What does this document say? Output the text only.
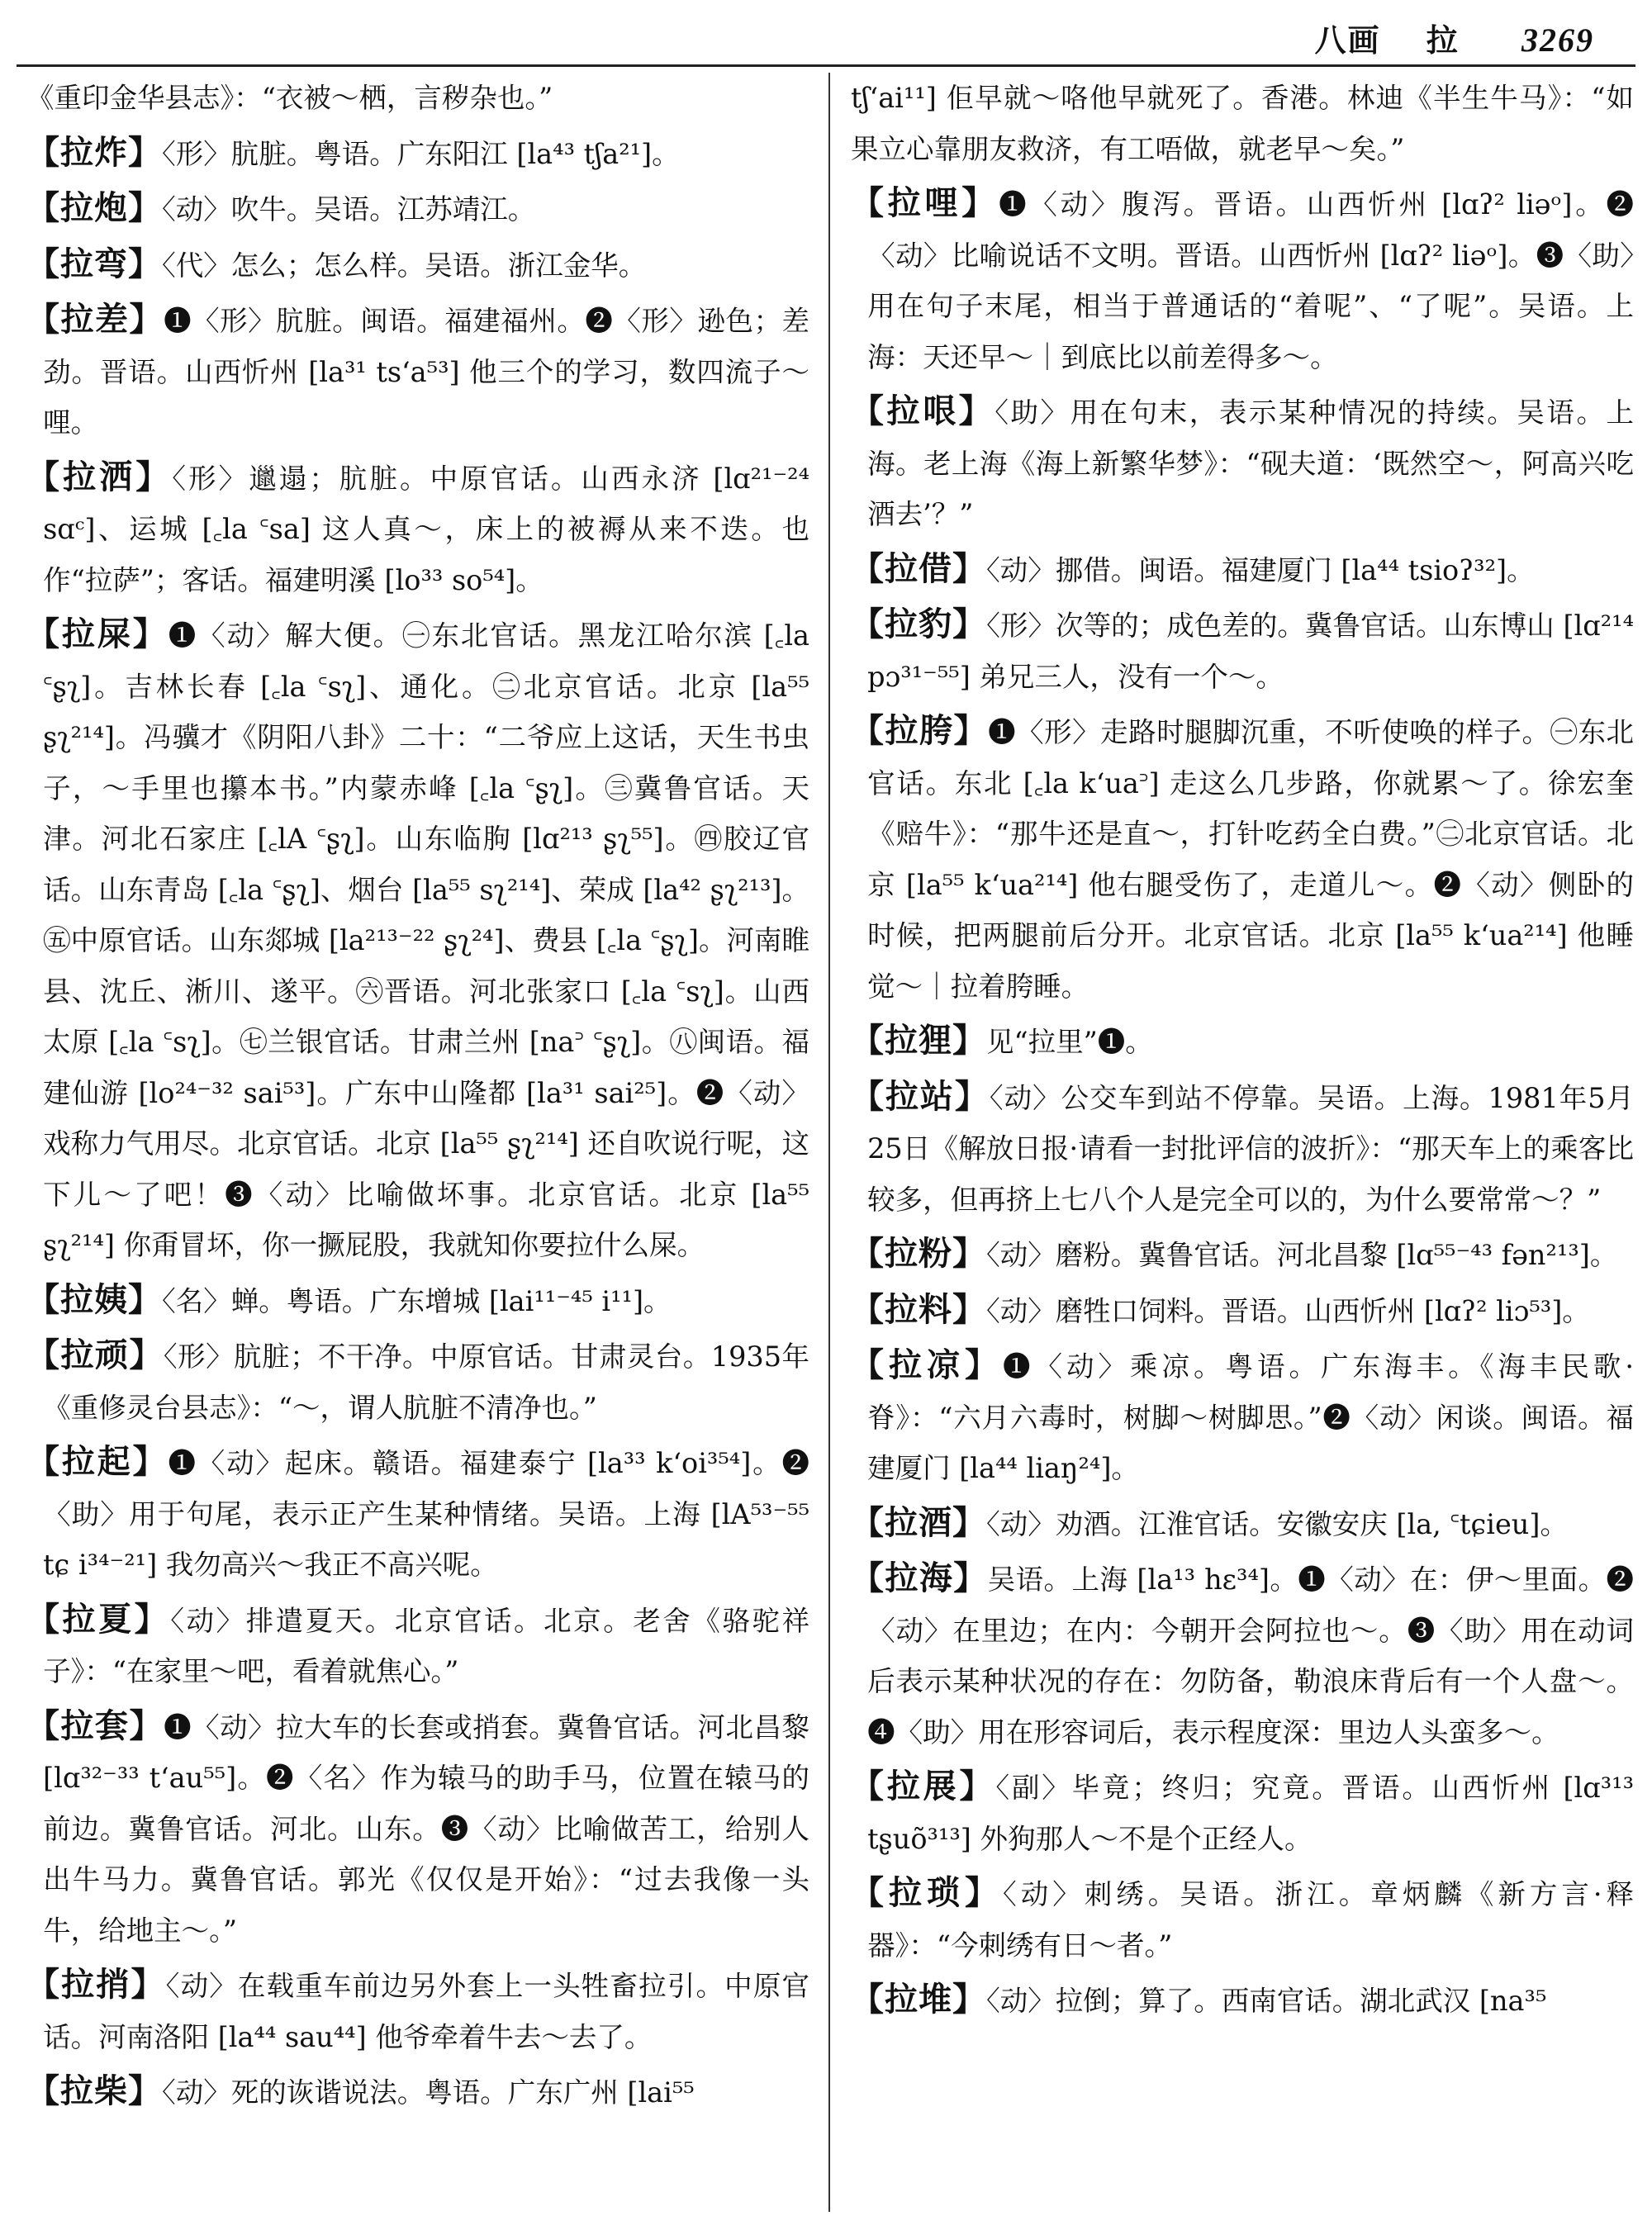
八画 拉 3269

《重印金华县志》：“衣被～栖，言秽杂也。”

【拉炸】〈形〉肮脏。粤语。广东阳江 [la⁴³ tʃa²¹]。

【拉炮】〈动〉吹牛。吴语。江苏靖江。

【拉弯】〈代〉怎么；怎么样。吴语。浙江金华。

【拉差】❶〈形〉肮脏。闽语。福建福州。❷〈形〉逊色；差劲。晋语。山西忻州 [la³¹ ts‘a⁵³] 他三个的学习，数四流子～哩。

【拉洒】〈形〉邋遢；肮脏。中原官话。山西永济 [lɑ²¹⁻²⁴ sɑᶜ]、运城 [꜀la ꜂sa] 这人真～，床上的被褥从来不迭。也作“拉萨”；客话。福建明溪 [lo³³ so⁵⁴]。

【拉屎】❶〈动〉解大便。㊀东北官话。黑龙江哈尔滨 [꜀la ꜂ʂʅ]。吉林长春 [꜀la ꜂sʅ]、通化。㊁北京官话。北京 [la⁵⁵ ʂʅ²¹⁴]。冯骥才《阴阳八卦》二十：“二爷应上这话，天生书虫子，～手里也攥本书。”内蒙赤峰 [꜀la ꜂ʂʅ]。㊂冀鲁官话。天津。河北石家庄 [꜀lA ꜂ʂʅ]。山东临朐 [lɑ²¹³ ʂʅ⁵⁵]。㊃胶辽官话。山东青岛 [꜀la ꜂ʂʅ]、烟台 [la⁵⁵ sʅ²¹⁴]、荣成 [la⁴² ʂʅ²¹³]。㊄中原官话。山东郯城 [la²¹³⁻²² ʂʅ²⁴]、费县 [꜀la ꜂ʂʅ]。河南睢县、沈丘、淅川、遂平。㊅晋语。河北张家口 [꜀la ꜂sʅ]。山西太原 [꜀la ꜂sʅ]。㊆兰银官话。甘肃兰州 [na꜄ ꜂ʂʅ]。㊇闽语。福建仙游 [lo²⁴⁻³² sai⁵³]。广东中山隆都 [la³¹ sai²⁵]。❷〈动〉戏称力气用尽。北京官话。北京 [la⁵⁵ ʂʅ²¹⁴] 还自吹说行呢，这下儿～了吧！❸〈动〉比喻做坏事。北京官话。北京 [la⁵⁵ ʂʅ²¹⁴] 你甭冒坏，你一撅屁股，我就知你要拉什么屎。

【拉姨】〈名〉蝉。粤语。广东增城 [lai¹¹⁻⁴⁵ i¹¹]。

【拉顽】〈形〉肮脏；不干净。中原官话。甘肃灵台。1935年《重修灵台县志》：“～，谓人肮脏不清净也。”

【拉起】❶〈动〉起床。赣语。福建泰宁 [la³³ k‘oi³⁵⁴]。❷〈助〉用于句尾，表示正产生某种情绪。吴语。上海 [lA⁵³⁻⁵⁵ tɕ i³⁴⁻²¹] 我勿高兴～我正不高兴呢。

【拉夏】〈动〉排遣夏天。北京官话。北京。老舍《骆驼祥子》：“在家里～吧，看着就焦心。”

【拉套】❶〈动〉拉大车的长套或捎套。冀鲁官话。河北昌黎 [lɑ³²⁻³³ t‘au⁵⁵]。❷〈名〉作为辕马的助手马，位置在辕马的前边。冀鲁官话。河北。山东。❸〈动〉比喻做苦工，给别人出牛马力。冀鲁官话。郭光《仅仅是开始》：“过去我像一头牛，给地主～。”

【拉捎】〈动〉在载重车前边另外套上一头牲畜拉引。中原官话。河南洛阳 [la⁴⁴ sau⁴⁴] 他爷牵着牛去～去了。

【拉柴】〈动〉死的诙谐说法。粤语。广东广州 [lai⁵⁵

tʃ‘ai¹¹] 佢早就～咯他早就死了。香港。林迪《半生牛马》：“如果立心靠朋友救济，有工唔做，就老早～矣。”

【拉哩】❶〈动〉腹泻。晋语。山西忻州 [lɑʔ² liəᵒ]。❷〈动〉比喻说话不文明。晋语。山西忻州 [lɑʔ² liəᵒ]。❸〈助〉用在句子末尾，相当于普通话的“着呢”、“了呢”。吴语。上海：天还早～｜到底比以前差得多～。

【拉哏】〈助〉用在句末，表示某种情况的持续。吴语。上海。老上海《海上新繁华梦》：“砚夫道：‘既然空～，阿高兴吃酒去’？”

【拉借】〈动〉挪借。闽语。福建厦门 [la⁴⁴ tsioʔ³²]。

【拉豹】〈形〉次等的；成色差的。冀鲁官话。山东博山 [lɑ²¹⁴ pɔ³¹⁻⁵⁵] 弟兄三人，没有一个～。

【拉胯】❶〈形〉走路时腿脚沉重，不听使唤的样子。㊀东北官话。东北 [꜀la k‘ua꜄] 走这么几步路，你就累～了。徐宏奎《赔牛》：“那牛还是直～，打针吃药全白费。”㊁北京官话。北京 [la⁵⁵ k‘ua²¹⁴] 他右腿受伤了，走道儿～。❷〈动〉侧卧的时候，把两腿前后分开。北京官话。北京 [la⁵⁵ k‘ua²¹⁴] 他睡觉～｜拉着胯睡。

【拉狸】见“拉里”❶。

【拉站】〈动〉公交车到站不停靠。吴语。上海。1981年5月25日《解放日报·请看一封批评信的波折》：“那天车上的乘客比较多，但再挤上七八个人是完全可以的，为什么要常常～？”

【拉粉】〈动〉磨粉。冀鲁官话。河北昌黎 [lɑ⁵⁵⁻⁴³ fən²¹³]。

【拉料】〈动〉磨牲口饲料。晋语。山西忻州 [lɑʔ² liɔ⁵³]。

【拉凉】❶〈动〉乘凉。粤语。广东海丰。《海丰民歌·脊》：“六月六毒时，树脚～树脚思。”❷〈动〉闲谈。闽语。福建厦门 [la⁴⁴ liaŋ²⁴]。

【拉酒】〈动〉劝酒。江淮官话。安徽安庆 [la, ꜂tɕieu]。

【拉海】吴语。上海 [la¹³ hɛ³⁴]。❶〈动〉在：伊～里面。❷〈动〉在里边；在内：今朝开会阿拉也～。❸〈助〉用在动词后表示某种状况的存在：勿防备，勒浪床背后有一个人盘～。❹〈助〉用在形容词后，表示程度深：里边人头蛮多～。

【拉展】〈副〉毕竟；终归；究竟。晋语。山西忻州 [lɑ³¹³ tʂuõ³¹³] 外狗那人～不是个正经人。

【拉琐】〈动〉刺绣。吴语。浙江。章炳麟《新方言·释器》：“今刺绣有日～者。”

【拉堆】〈动〉拉倒；算了。西南官话。湖北武汉 [na³⁵
